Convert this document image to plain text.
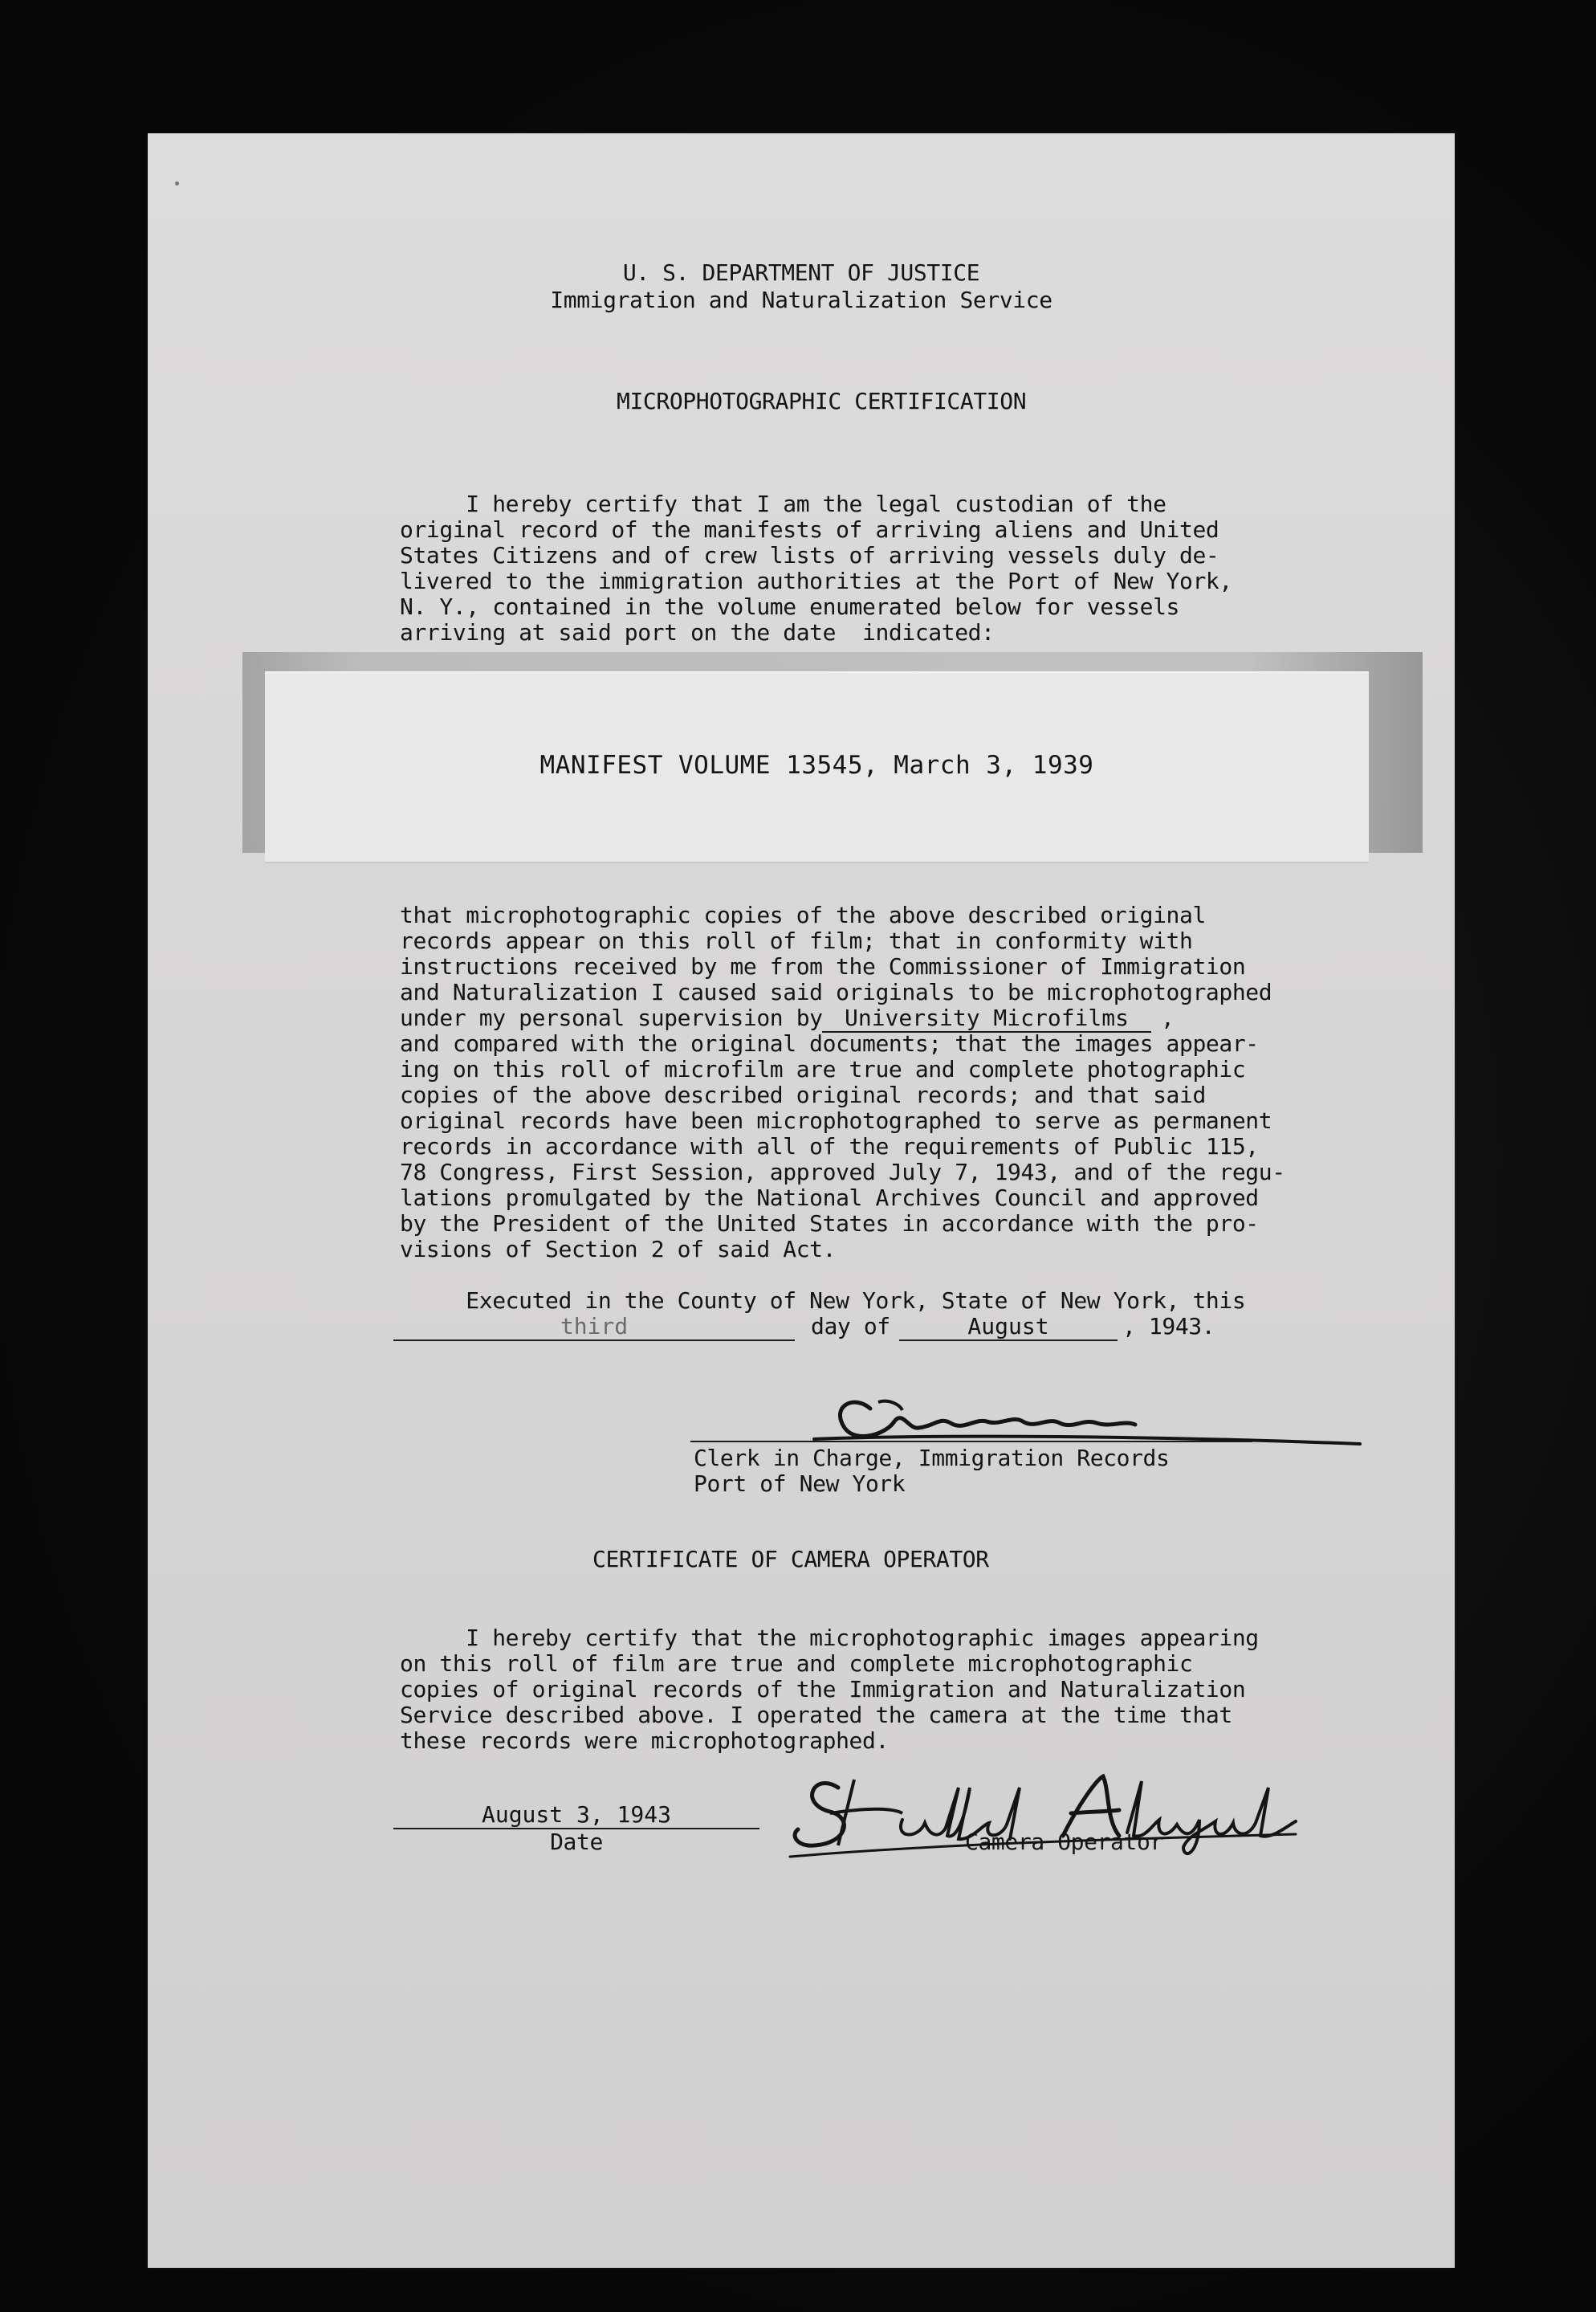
U. S. DEPARTMENT OF JUSTICE
Immigration and Naturalization Service
MICROPHOTOGRAPHIC CERTIFICATION
I hereby certify that I am the legal custodian of the
original record of the manifests of arriving aliens and United
States Citizens and of crew lists of arriving vessels duly de-
livered to the immigration authorities at the Port of New York,
N. Y., contained in the volume enumerated below for vessels
arriving at said port on the date  indicated:
MANIFEST VOLUME 13545, March 3, 1939
that microphotographic copies of the above described original
records appear on this roll of film; that in conformity with
instructions received by me from the Commissioner of Immigration
and Naturalization I caused said originals to be microphotographed
under my personal supervision by University Microfilms	,
and compared with the original documents; that the images appear-
ing on this roll of microfilm are true and complete photographic
copies of the above described original records; and that said
original records have been microphotographed to serve as permanent
records in accordance with all of the requirements of Public 115,
78 Congress, First Session, approved July 7, 1943, and of the regu-
lations promulgated by the National Archives Council and approved
by the President of the United States in accordance with the pro-
visions of Section 2 of said Act.
Executed in the County of New York, State of New York, this
third	day of	August	, 1943.
Clerk in Charge, Immigration Records
Port of New York
CERTIFICATE OF CAMERA OPERATOR
I hereby certify that the microphotographic images appearing
on this roll of film are true and complete microphotographic
copies of original records of the Immigration and Naturalization
Service described above. I operated the camera at the time that
these records were microphotographed.
August 3, 1943
Date	Camera Operator
